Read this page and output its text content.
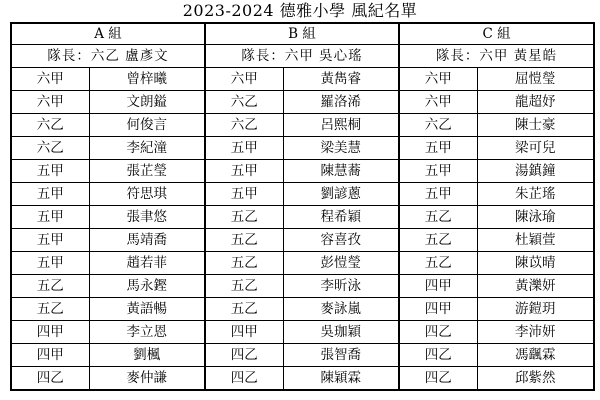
2023-2024 德雅小學 風紀名單
A 組		B 組		C 組	
隊長：六乙 盧彥文		隊長：六甲 吳心瑤		隊長：六甲 黃星皓	
六甲	曾梓曦	六甲	黃雋睿	六甲	屈愷瑩
六甲	文朗鎰	六乙	羅洛浠	六甲	龍超妤
六乙	何俊言	六乙	呂熙桐	六乙	陳士豪
六乙	李紀潼	五甲	梁美慧	五甲	梁可兒
五甲	張芷瑩	五甲	陳慧蕎	五甲	湯鎮鐘
五甲	符思琪	五甲	劉諺蔥	五甲	朱芷瑤
五甲	張聿悠	五乙	程希穎	五乙	陳泳瑜
五甲	馬靖喬	五乙	容喜孜	五乙	杜穎萱
五甲	趙若菲	五乙	彭愷瑩	五乙	陳苡晴
五乙	馬永鏗	五乙	李昕泳	四甲	黃濼妍
五乙	黃語暢	五乙	麥詠嵐	四甲	游鎧玥
四甲	李立恩	四甲	吳珈穎	四乙	李沛妍
四甲	劉楓	四乙	張智喬	四乙	馮颻霖
四乙	麥仲謙	四乙	陳穎霖	四乙	邱紫然
